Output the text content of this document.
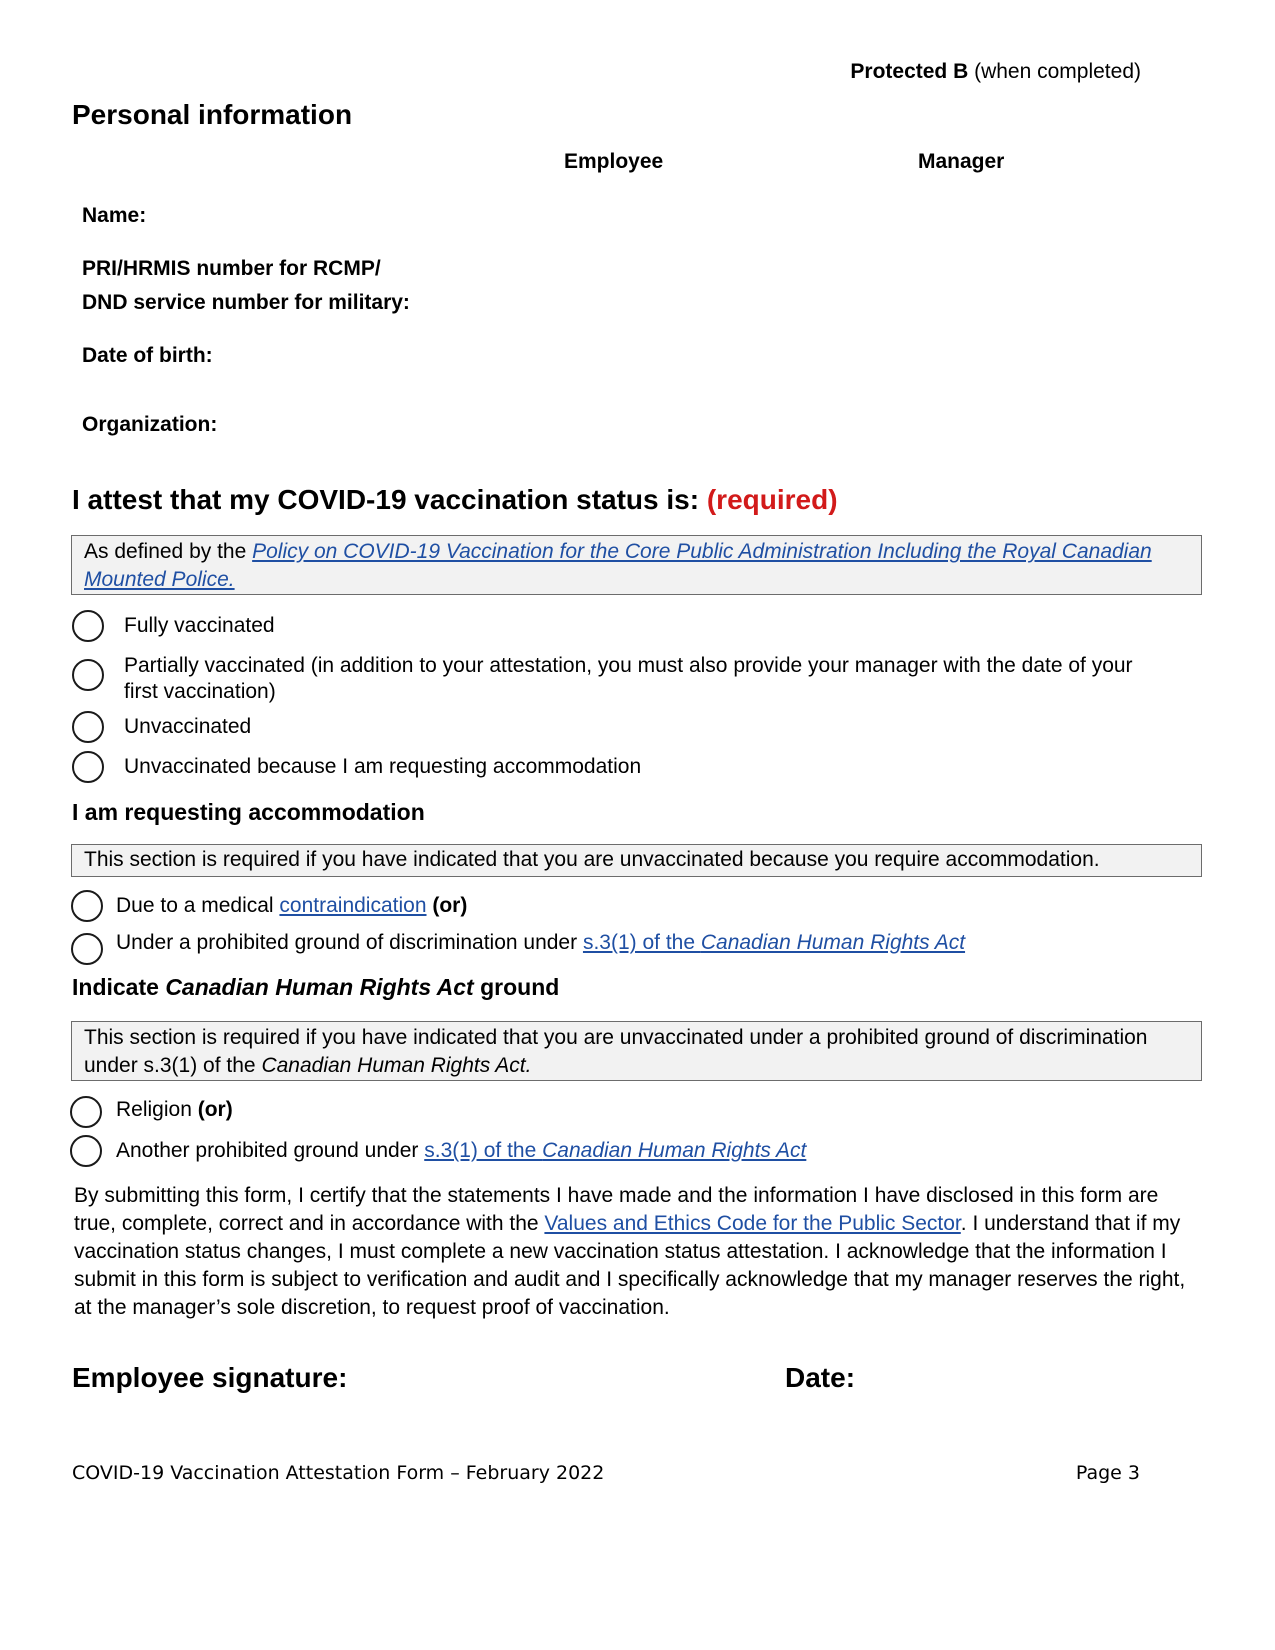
Protected B (when completed)
Personal information
Employee	Manager
Name:
PRI/HRMIS number for RCMP/
DND service number for military:
Date of birth:
Organization:
I attest that my COVID-19 vaccination status is: (required)
As defined by the Policy on COVID-19 Vaccination for the Core Public Administration Including the Royal Canadian Mounted Police.
Fully vaccinated
Partially vaccinated (in addition to your attestation, you must also provide your manager with the date of your first vaccination)
Unvaccinated
Unvaccinated because I am requesting accommodation
I am requesting accommodation
This section is required if you have indicated that you are unvaccinated because you require accommodation.
Due to a medical contraindication (or)
Under a prohibited ground of discrimination under s.3(1) of the Canadian Human Rights Act
Indicate Canadian Human Rights Act ground
This section is required if you have indicated that you are unvaccinated under a prohibited ground of discrimination under s.3(1) of the Canadian Human Rights Act.
Religion (or)
Another prohibited ground under s.3(1) of the Canadian Human Rights Act
By submitting this form, I certify that the statements I have made and the information I have disclosed in this form are true, complete, correct and in accordance with the Values and Ethics Code for the Public Sector. I understand that if my vaccination status changes, I must complete a new vaccination status attestation. I acknowledge that the information I submit in this form is subject to verification and audit and I specifically acknowledge that my manager reserves the right, at the manager’s sole discretion, to request proof of vaccination.
Employee signature:	Date:
COVID-19 Vaccination Attestation Form – February 2022	Page 3
